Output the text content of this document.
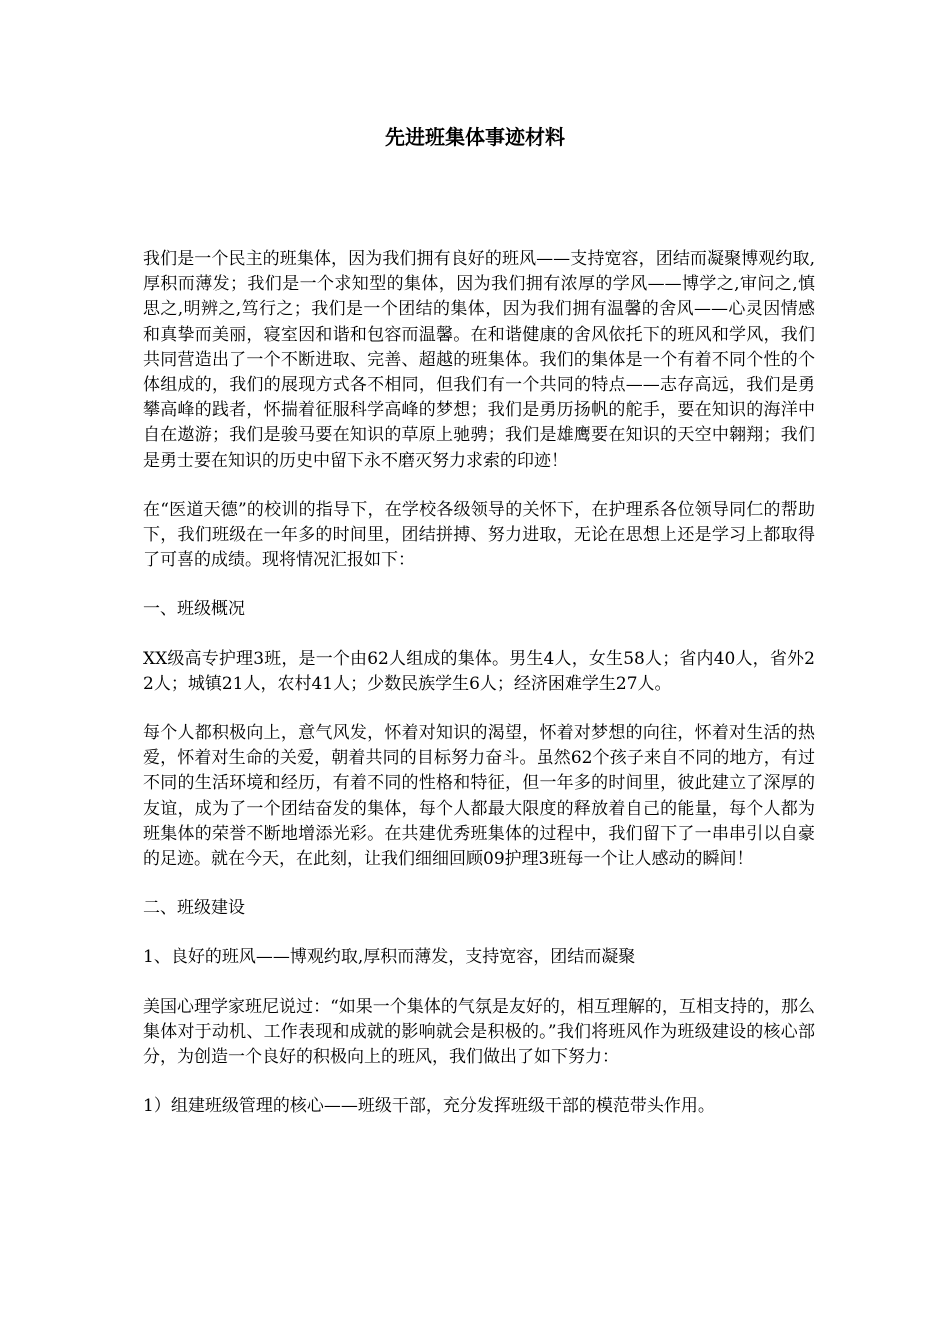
先进班集体事迹材料

我们是一个民主的班集体，因为我们拥有良好的班风——支持宽容，团结而凝聚博观约取,厚积而薄发；我们是一个求知型的集体，因为我们拥有浓厚的学风——博学之,审问之,慎思之,明辨之,笃行之；我们是一个团结的集体，因为我们拥有温馨的舍风——心灵因情感和真挚而美丽，寝室因和谐和包容而温馨。在和谐健康的舍风依托下的班风和学风，我们共同营造出了一个不断进取、完善、超越的班集体。我们的集体是一个有着不同个性的个体组成的，我们的展现方式各不相同，但我们有一个共同的特点——志存高远，我们是勇攀高峰的践者，怀揣着征服科学高峰的梦想；我们是勇历扬帆的舵手，要在知识的海洋中自在遨游；我们是骏马要在知识的草原上驰骋；我们是雄鹰要在知识的天空中翱翔；我们是勇士要在知识的历史中留下永不磨灭努力求索的印迹！

在“医道天德”的校训的指导下，在学校各级领导的关怀下，在护理系各位领导同仁的帮助下，我们班级在一年多的时间里，团结拼搏、努力进取，无论在思想上还是学习上都取得了可喜的成绩。现将情况汇报如下：

一、班级概况

XX级高专护理3班，是一个由62人组成的集体。男生4人，女生58人；省内40人，省外22人；城镇21人，农村41人；少数民族学生6人；经济困难学生27人。

每个人都积极向上，意气风发，怀着对知识的渴望，怀着对梦想的向往，怀着对生活的热爱，怀着对生命的关爱，朝着共同的目标努力奋斗。虽然62个孩子来自不同的地方，有过不同的生活环境和经历，有着不同的性格和特征，但一年多的时间里，彼此建立了深厚的友谊，成为了一个团结奋发的集体，每个人都最大限度的释放着自己的能量，每个人都为班集体的荣誉不断地增添光彩。在共建优秀班集体的过程中，我们留下了一串串引以自豪的足迹。就在今天，在此刻，让我们细细回顾09护理3班每一个让人感动的瞬间！

二、班级建设

1、良好的班风——博观约取,厚积而薄发，支持宽容，团结而凝聚

美国心理学家班尼说过：“如果一个集体的气氛是友好的，相互理解的，互相支持的，那么集体对于动机、工作表现和成就的影响就会是积极的。”我们将班风作为班级建设的核心部分，为创造一个良好的积极向上的班风，我们做出了如下努力：

1）组建班级管理的核心——班级干部，充分发挥班级干部的模范带头作用。
